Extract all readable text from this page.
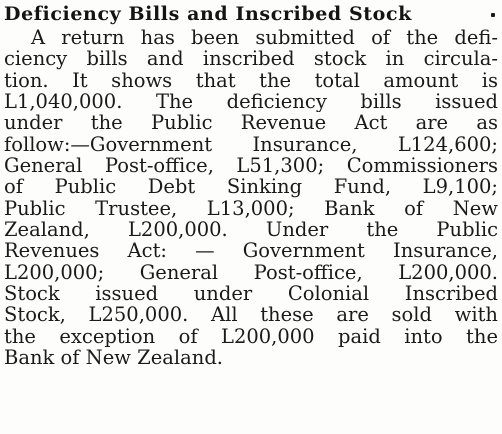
Deficiency Bills and Inscribed Stock
A return has been submitted of the defi-
ciency bills and inscribed stock in circula-
tion. It shows that the total amount is
L1,040,000. The deficiency bills issued
under the Public Revenue Act are as
follow:—Government Insurance, L124,600;
General Post-office, L51,300; Commissioners
of Public Debt Sinking Fund, L9,100;
Public Trustee, L13,000; Bank of New
Zealand, L200,000. Under the Public
Revenues Act: — Government Insurance,
L200,000; General Post-office, L200,000.
Stock issued under Colonial Inscribed
Stock, L250,000. All these are sold with
the exception of L200,000 paid into the
Bank of New Zealand.
